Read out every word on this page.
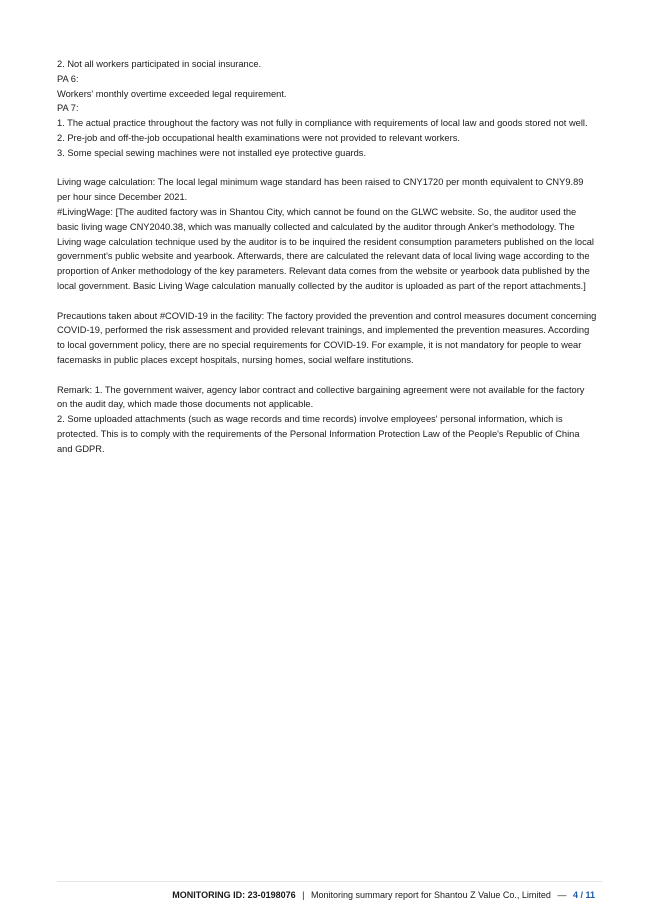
2. Not all workers participated in social insurance.

PA 6:

Workers' monthly overtime exceeded legal requirement.

PA 7:

1. The actual practice throughout the factory was not fully in compliance with requirements of local law and goods stored not well.

2. Pre-job and off-the-job occupational health examinations were not provided to relevant workers.

3. Some special sewing machines were not installed eye protective guards.

Living wage calculation: The local legal minimum wage standard has been raised to CNY1720 per month equivalent to CNY9.89 per hour since December 2021.

#LivingWage: [The audited factory was in Shantou City, which cannot be found on the GLWC website. So, the auditor used the basic living wage CNY2040.38, which was manually collected and calculated by the auditor through Anker's methodology. The Living wage calculation technique used by the auditor is to be inquired the resident consumption parameters published on the local government's public website and yearbook. Afterwards, there are calculated the relevant data of local living wage according to the proportion of Anker methodology of the key parameters. Relevant data comes from the website or yearbook data published by the local government. Basic Living Wage calculation manually collected by the auditor is uploaded as part of the report attachments.]

Precautions taken about #COVID-19 in the facility: The factory provided the prevention and control measures document concerning COVID-19, performed the risk assessment and provided relevant trainings, and implemented the prevention measures. According to local government policy, there are no special requirements for COVID-19. For example, it is not mandatory for people to wear facemasks in public places except hospitals, nursing homes, social welfare institutions.

Remark: 1. The government waiver, agency labor contract and collective bargaining agreement were not available for the factory on the audit day, which made those documents not applicable.

2. Some uploaded attachments (such as wage records and time records) involve employees' personal information, which is protected. This is to comply with the requirements of the Personal Information Protection Law of the People's Republic of China and GDPR.

MONITORING ID: 23-0198076 | Monitoring summary report for Shantou Z Value Co., Limited — 4 / 11
